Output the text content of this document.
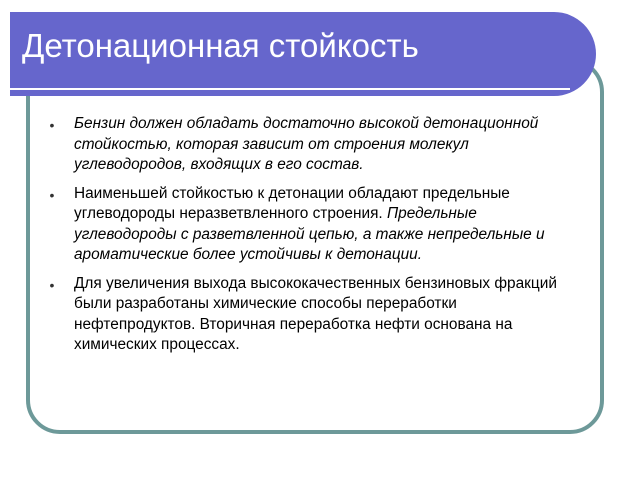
Детонационная стойкость
• Бензин должен обладать достаточно высокой детонационной стойкостью, которая зависит от строения молекул углеводородов, входящих в его состав.
• Наименьшей стойкостью к детонации обладают предельные углеводороды неразветвленного строения. Предельные углеводороды с разветвленной цепью, а также непредельные и ароматические более устойчивы к детонации.
• Для увеличения выхода высококачественных бензиновых фракций были разработаны химические способы переработки нефтепродуктов. Вторичная переработка нефти основана на химических процессах.
